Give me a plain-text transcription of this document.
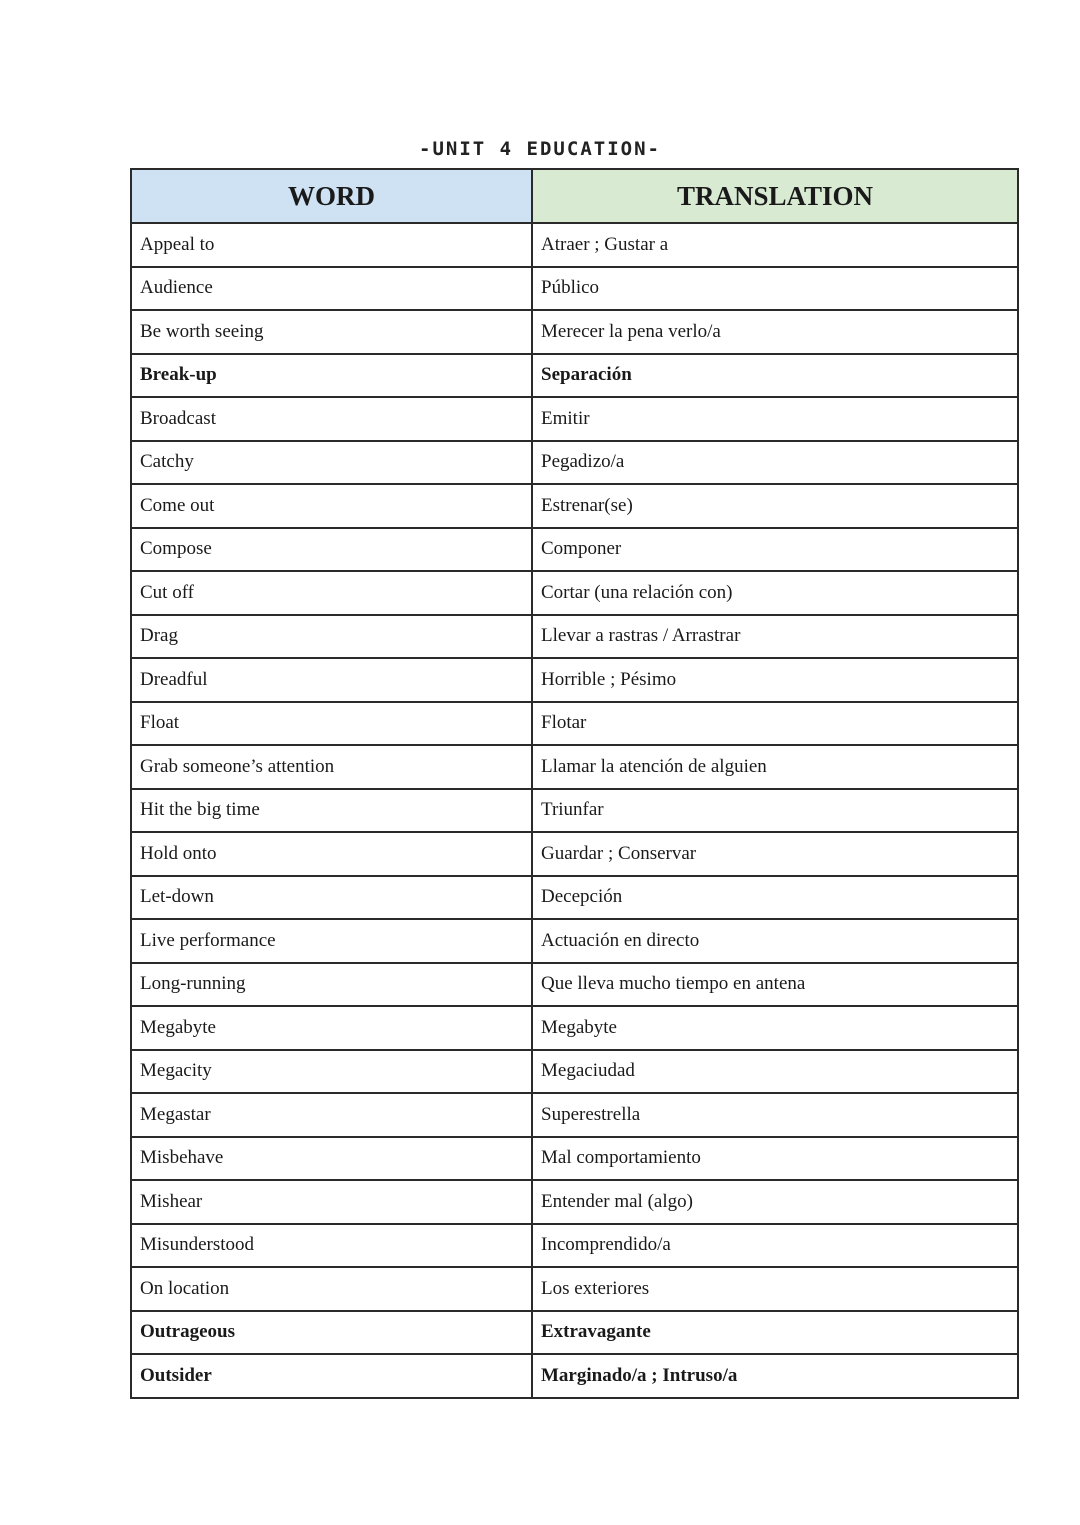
-UNIT 4 EDUCATION-
WORD	TRANSLATION
Appeal to	Atraer ; Gustar a
Audience	Público
Be worth seeing	Merecer la pena verlo/a
Break-up	Separación
Broadcast	Emitir
Catchy	Pegadizo/a
Come out	Estrenar(se)
Compose	Componer
Cut off	Cortar (una relación con)
Drag	Llevar a rastras / Arrastrar
Dreadful	Horrible ; Pésimo
Float	Flotar
Grab someone’s attention	Llamar la atención de alguien
Hit the big time	Triunfar
Hold onto	Guardar ; Conservar
Let-down	Decepción
Live performance	Actuación en directo
Long-running	Que lleva mucho tiempo en antena
Megabyte	Megabyte
Megacity	Megaciudad
Megastar	Superestrella
Misbehave	Mal comportamiento
Mishear	Entender mal (algo)
Misunderstood	Incomprendido/a
On location	Los exteriores
Outrageous	Extravagante
Outsider	Marginado/a ; Intruso/a
